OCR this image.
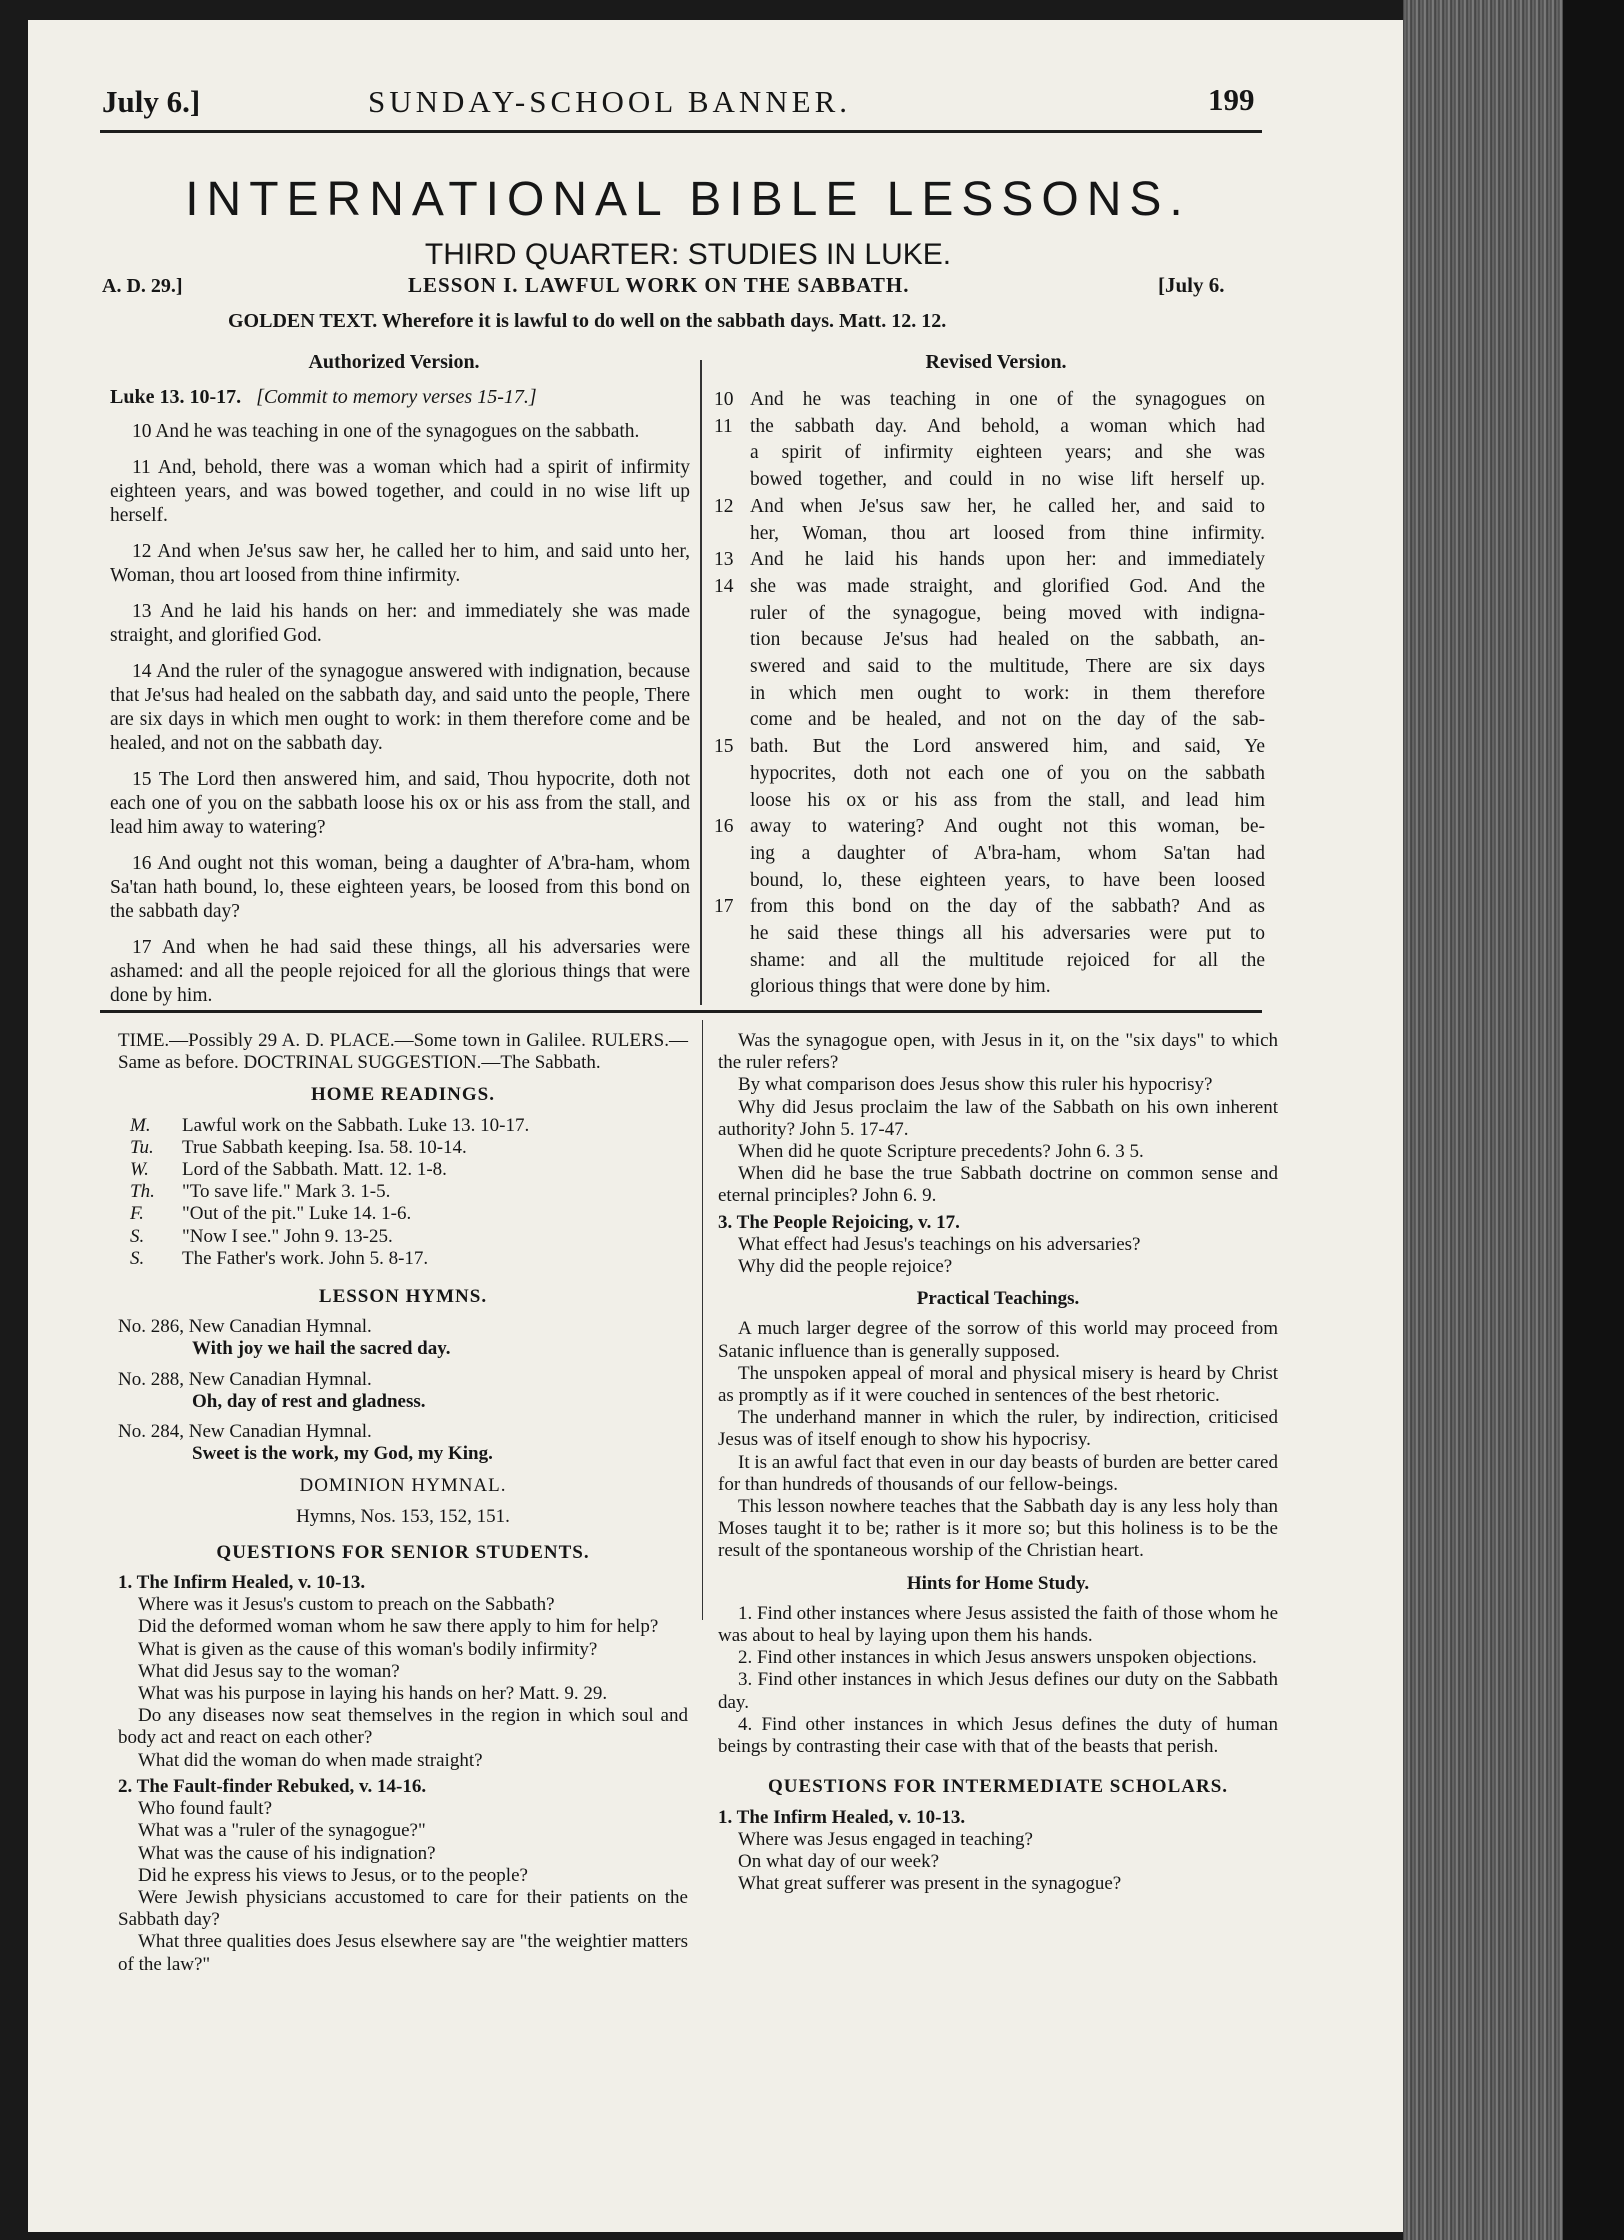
July 6.]	SUNDAY-SCHOOL BANNER.	199
INTERNATIONAL BIBLE LESSONS.
THIRD QUARTER: STUDIES IN LUKE.
A. D. 29.]	LESSON I. LAWFUL WORK ON THE SABBATH.	[July 6.
GOLDEN TEXT. Wherefore it is lawful to do well on the sabbath days. Matt. 12. 12.
Authorized Version.
Luke 13. 10-17. [Commit to memory verses 15-17.]

10 And he was teaching in one of the synagogues on the sabbath.

11 And, behold, there was a woman which had a spirit of infirmity eighteen years, and was bowed together, and could in no wise lift up herself.

12 And when Je'sus saw her, he called her to him, and said unto her, Woman, thou art loosed from thine infirmity.

13 And he laid his hands on her: and immediately she was made straight, and glorified God.

14 And the ruler of the synagogue answered with indignation, because that Je'sus had healed on the sabbath day, and said unto the people, There are six days in which men ought to work: in them therefore come and be healed, and not on the sabbath day.

15 The Lord then answered him, and said, Thou hypocrite, doth not each one of you on the sabbath loose his ox or his ass from the stall, and lead him away to watering?

16 And ought not this woman, being a daughter of A'bra-ham, whom Sa'tan hath bound, lo, these eighteen years, be loosed from this bond on the sabbath day?

17 And when he had said these things, all his adversaries were ashamed: and all the people rejoiced for all the glorious things that were done by him.

Revised Version.
10 And he was teaching in one of the synagogues on
11 the sabbath day. And behold, a woman which had
a spirit of infirmity eighteen years; and she was
bowed together, and could in no wise lift herself up.
12 And when Je'sus saw her, he called her, and said to
her, Woman, thou art loosed from thine infirmity.
13 And he laid his hands upon her: and immediately
14 she was made straight, and glorified God. And the
ruler of the synagogue, being moved with indigna-
tion because Je'sus had healed on the sabbath, an-
swered and said to the multitude, There are six days
in which men ought to work: in them therefore
come and be healed, and not on the day of the sab-
15 bath. But the Lord answered him, and said, Ye
hypocrites, doth not each one of you on the sabbath
loose his ox or his ass from the stall, and lead him
16 away to watering? And ought not this woman, be-
ing a daughter of A'bra-ham, whom Sa'tan had
bound, lo, these eighteen years, to have been loosed
17 from this bond on the day of the sabbath? And as
he said these things all his adversaries were put to
shame: and all the multitude rejoiced for all the
glorious things that were done by him.

TIME.—Possibly 29 A. D. PLACE.—Some town in Galilee. RULERS.—Same as before. DOCTRINAL SUGGESTION.—The Sabbath.

HOME READINGS.
M.	Lawful work on the Sabbath. Luke 13. 10-17.
Tu.	True Sabbath keeping. Isa. 58. 10-14.
W.	Lord of the Sabbath. Matt. 12. 1-8.
Th.	"To save life." Mark 3. 1-5.
F.	"Out of the pit." Luke 14. 1-6.
S.	"Now I see." John 9. 13-25.
S.	The Father's work. John 5. 8-17.
LESSON HYMNS.
No. 286, New Canadian Hymnal.
With joy we hail the sacred day.
No. 288, New Canadian Hymnal.
Oh, day of rest and gladness.
No. 284, New Canadian Hymnal.
Sweet is the work, my God, my King.
DOMINION HYMNAL.
Hymns, Nos. 153, 152, 151.
QUESTIONS FOR SENIOR STUDENTS.
1. The Infirm Healed, v. 10-13.

Where was it Jesus's custom to preach on the Sabbath?

Did the deformed woman whom he saw there apply to him for help?

What is given as the cause of this woman's bodily infirmity?

What did Jesus say to the woman?

What was his purpose in laying his hands on her? Matt. 9. 29.

Do any diseases now seat themselves in the region in which soul and body act and react on each other?

What did the woman do when made straight?

2. The Fault-finder Rebuked, v. 14-16.

Who found fault?

What was a "ruler of the synagogue?"

What was the cause of his indignation?

Did he express his views to Jesus, or to the people?

Were Jewish physicians accustomed to care for their patients on the Sabbath day?

What three qualities does Jesus elsewhere say are "the weightier matters of the law?"

Was the synagogue open, with Jesus in it, on the "six days" to which the ruler refers?

By what comparison does Jesus show this ruler his hypocrisy?

Why did Jesus proclaim the law of the Sabbath on his own inherent authority? John 5. 17-47.

When did he quote Scripture precedents? John 6. 3 5.

When did he base the true Sabbath doctrine on common sense and eternal principles? John 6. 9.

3. The People Rejoicing, v. 17.

What effect had Jesus's teachings on his adversaries?

Why did the people rejoice?

Practical Teachings.

A much larger degree of the sorrow of this world may proceed from Satanic influence than is generally supposed.

The unspoken appeal of moral and physical misery is heard by Christ as promptly as if it were couched in sentences of the best rhetoric.

The underhand manner in which the ruler, by indirection, criticised Jesus was of itself enough to show his hypocrisy.

It is an awful fact that even in our day beasts of burden are better cared for than hundreds of thousands of our fellow-beings.

This lesson nowhere teaches that the Sabbath day is any less holy than Moses taught it to be; rather is it more so; but this holiness is to be the result of the spontaneous worship of the Christian heart.

Hints for Home Study.

1. Find other instances where Jesus assisted the faith of those whom he was about to heal by laying upon them his hands.

2. Find other instances in which Jesus answers unspoken objections.

3. Find other instances in which Jesus defines our duty on the Sabbath day.

4. Find other instances in which Jesus defines the duty of human beings by contrasting their case with that of the beasts that perish.

QUESTIONS FOR INTERMEDIATE SCHOLARS.
1. The Infirm Healed, v. 10-13.

Where was Jesus engaged in teaching?

On what day of our week?

What great sufferer was present in the synagogue?
